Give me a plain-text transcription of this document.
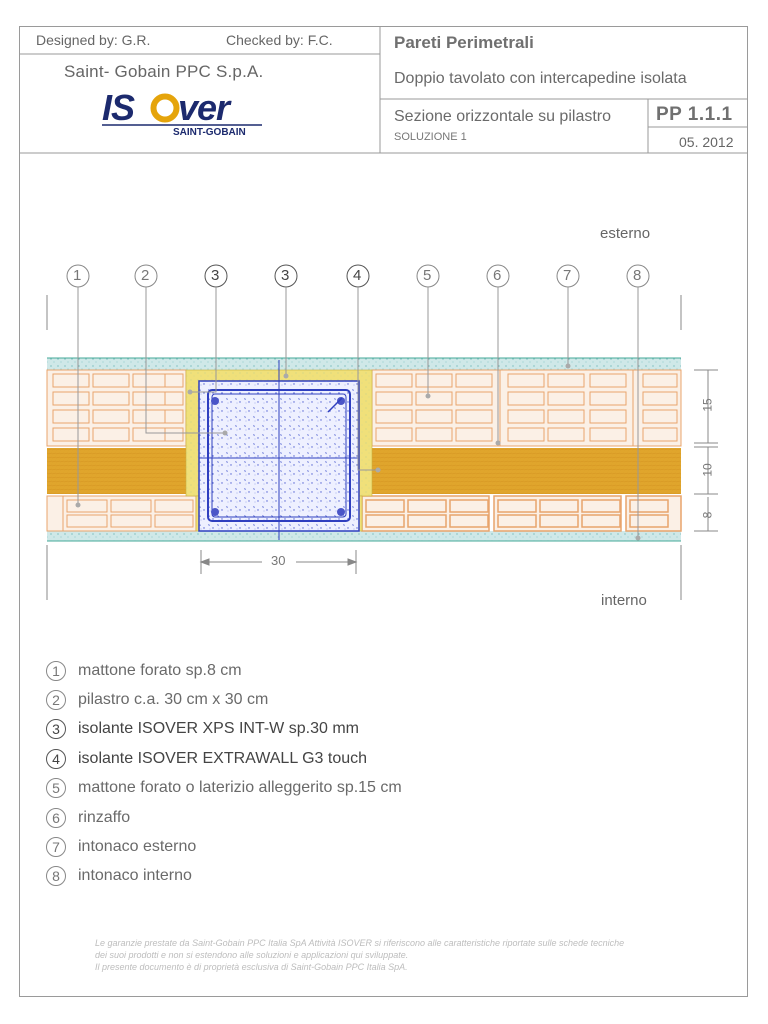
Designed by: G.R.	Checked by: F.C.
Saint- Gobain PPC S.p.A.
Pareti Perimetrali
Doppio tavolato con intercapedine isolata
Sezione orizzontale su pilastro
SOLUZIONE 1
PP 1.1.1
05. 2012
IS ver
SAINT-GOBAIN
1	2	3	3	4	5	6	7	8
esterno
interno
30
15
10
8
1	mattone forato sp.8 cm
2	pilastro c.a. 30 cm x 30 cm
3	isolante ISOVER XPS INT-W sp.30 mm
4	isolante ISOVER EXTRAWALL G3 touch
5	mattone forato o laterizio alleggerito sp.15 cm
6	rinzaffo
7	intonaco esterno
8	intonaco interno
Le garanzie prestate da Saint-Gobain PPC Italia SpA Attività ISOVER si riferiscono alle caratteristiche riportate sulle schede tecniche
dei suoi prodotti e non si estendono alle soluzioni e applicazioni qui sviluppate.
Il presente documento è di proprietà esclusiva di Saint-Gobain PPC Italia SpA.
